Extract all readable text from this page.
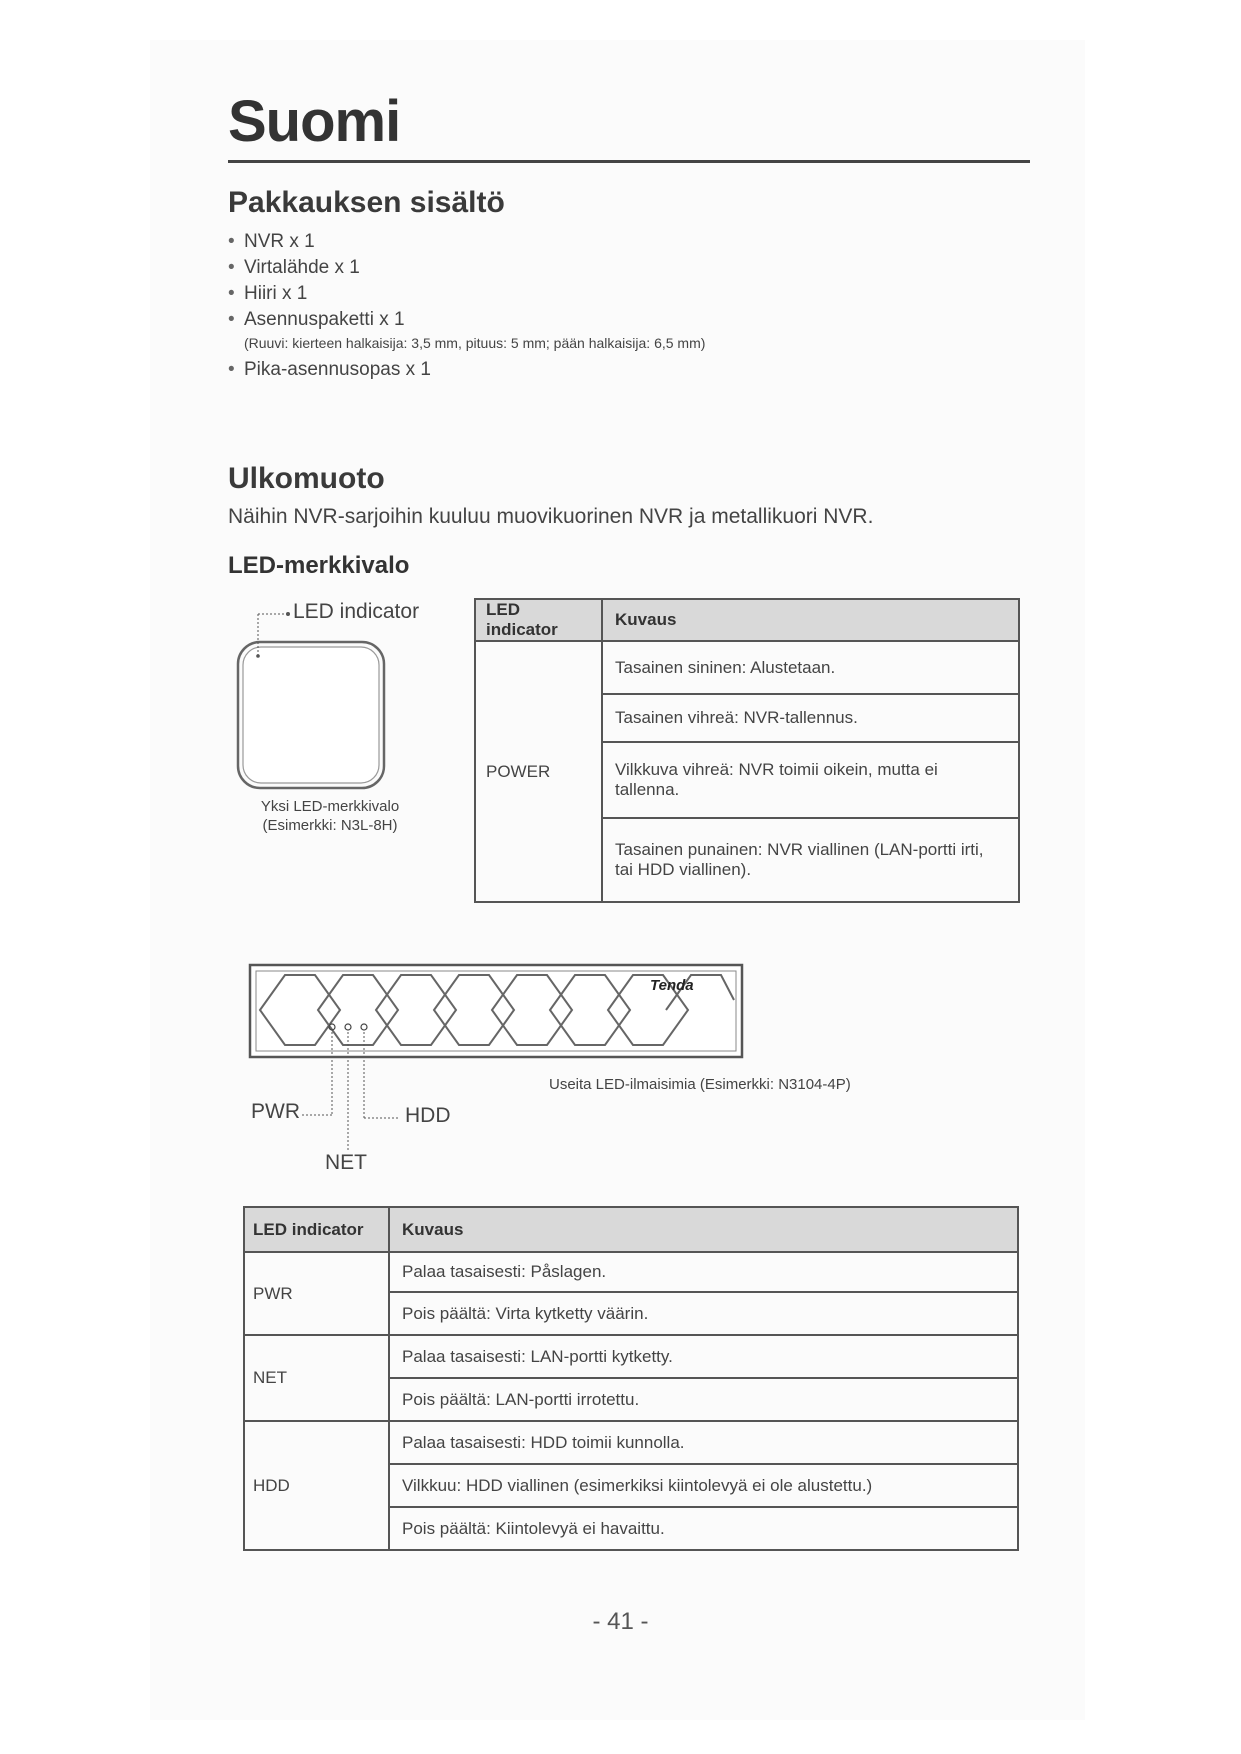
Suomi
Pakkauksen sisältö
• NVR x 1
• Virtalähde x 1
• Hiiri x 1
• Asennuspaketti x 1
(Ruuvi: kierteen halkaisija: 3,5 mm, pituus: 5 mm; pään halkaisija: 6,5 mm)
• Pika-asennusopas x 1
Ulkomuoto
Näihin NVR-sarjoihin kuuluu muovikuorinen NVR ja metallikuori NVR.
LED-merkkivalo
LED indicator
Yksi LED-merkkivalo
(Esimerkki: N3L-8H)
LED indicator	Kuvaus
POWER	Tasainen sininen: Alustetaan.
	Tasainen vihreä: NVR-tallennus.
	Vilkkuva vihreä: NVR toimii oikein, mutta ei tallenna.

	Tasainen punainen: NVR viallinen (LAN-portti irti,
tai HDD viallinen).
Tenda
PWR	HDD
NET
Useita LED-ilmaisimia (Esimerkki: N3104-4P)
LED indicator	Kuvaus
PWR	Palaa tasaisesti: Påslagen.
	Pois päältä: Virta kytketty väärin.
NET	Palaa tasaisesti: LAN-portti kytketty.
	Pois päältä: LAN-portti irrotettu.
HDD	Palaa tasaisesti: HDD toimii kunnolla.
	Vilkkuu: HDD viallinen (esimerkiksi kiintolevyä ei ole alustettu.)
	Pois päältä: Kiintolevyä ei havaittu.
- 41 -
